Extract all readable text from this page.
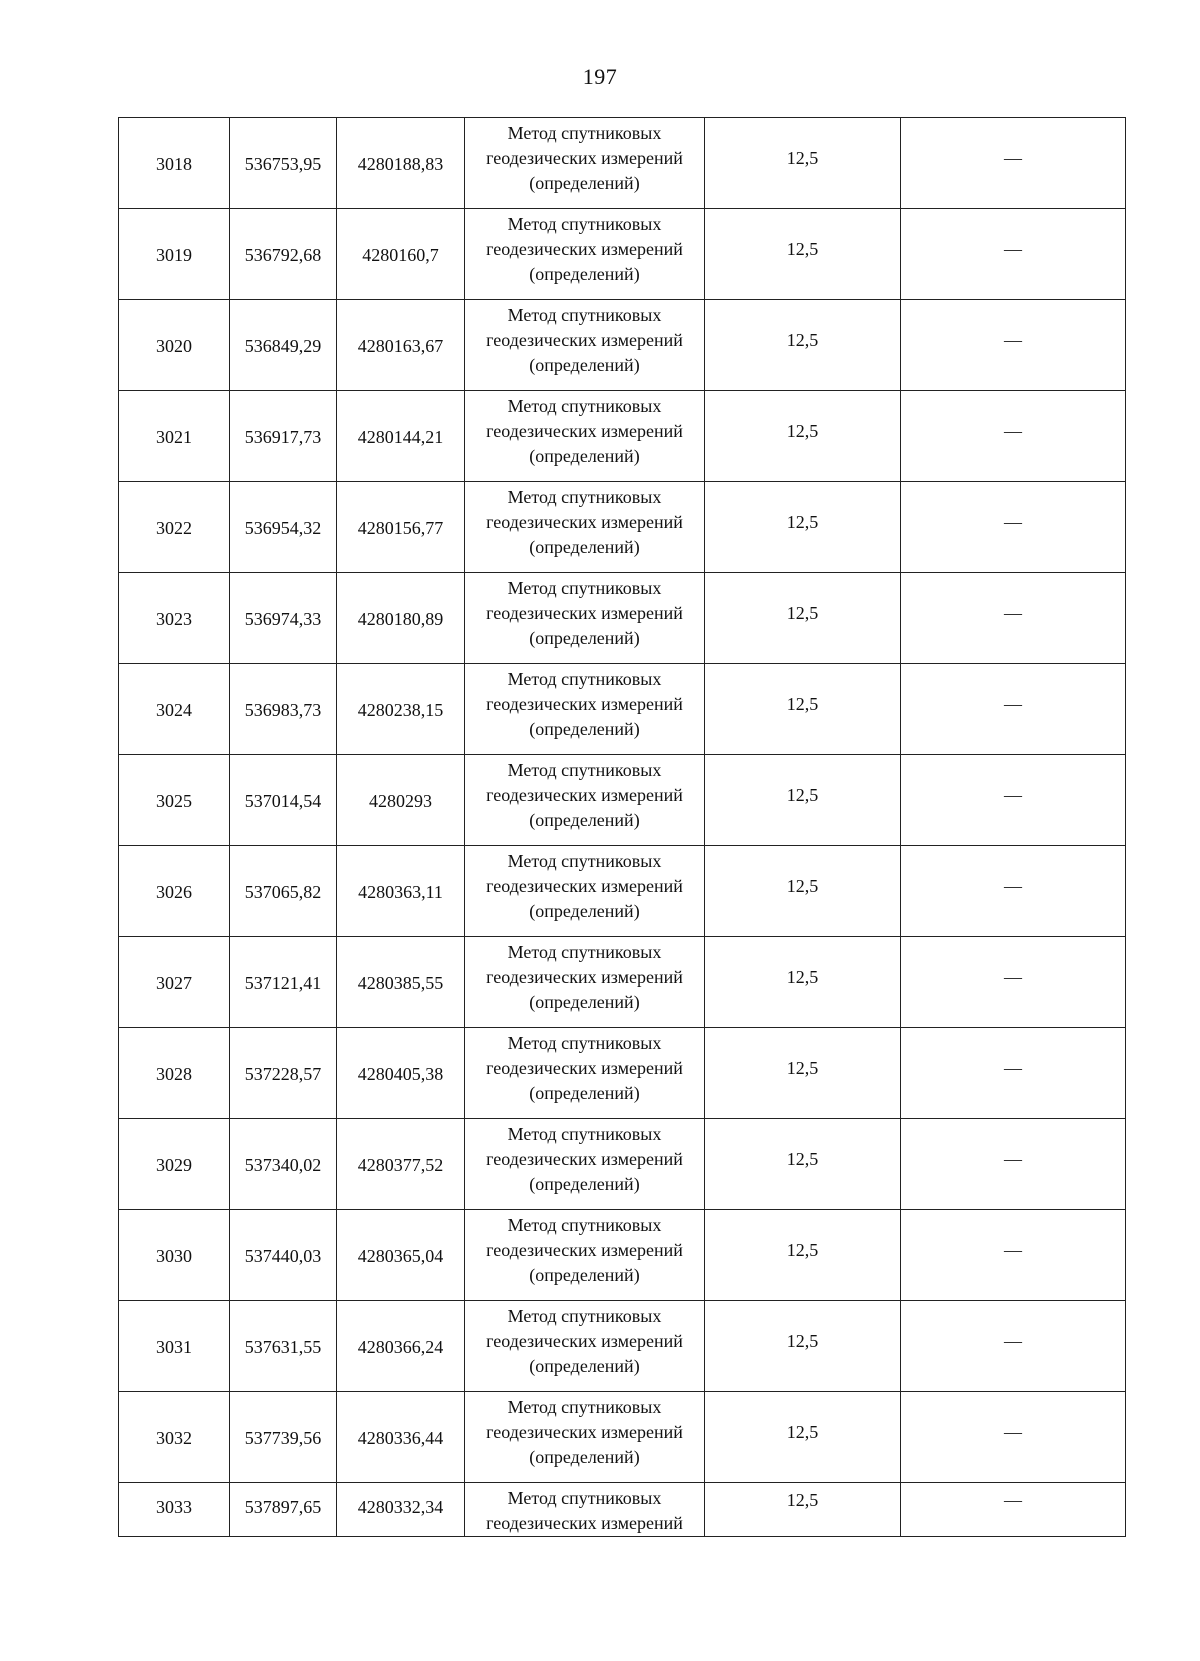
197
3018	536753,95	4280188,83	Метод спутниковых
геодезических измерений
(определений)	12,5	—
3019	536792,68	4280160,7	Метод спутниковых
геодезических измерений
(определений)	12,5	—
3020	536849,29	4280163,67	Метод спутниковых
геодезических измерений
(определений)	12,5	—
3021	536917,73	4280144,21	Метод спутниковых
геодезических измерений
(определений)	12,5	—
3022	536954,32	4280156,77	Метод спутниковых
геодезических измерений
(определений)	12,5	—
3023	536974,33	4280180,89	Метод спутниковых
геодезических измерений
(определений)	12,5	—
3024	536983,73	4280238,15	Метод спутниковых
геодезических измерений
(определений)	12,5	—
3025	537014,54	4280293	Метод спутниковых
геодезических измерений
(определений)	12,5	—
3026	537065,82	4280363,11	Метод спутниковых
геодезических измерений
(определений)	12,5	—
3027	537121,41	4280385,55	Метод спутниковых
геодезических измерений
(определений)	12,5	—
3028	537228,57	4280405,38	Метод спутниковых
геодезических измерений
(определений)	12,5	—
3029	537340,02	4280377,52	Метод спутниковых
геодезических измерений
(определений)	12,5	—
3030	537440,03	4280365,04	Метод спутниковых
геодезических измерений
(определений)	12,5	—
3031	537631,55	4280366,24	Метод спутниковых
геодезических измерений
(определений)	12,5	—
3032	537739,56	4280336,44	Метод спутниковых
геодезических измерений
(определений)	12,5	—
3033	537897,65	4280332,34	Метод спутниковых
геодезических измерений	12,5	—
